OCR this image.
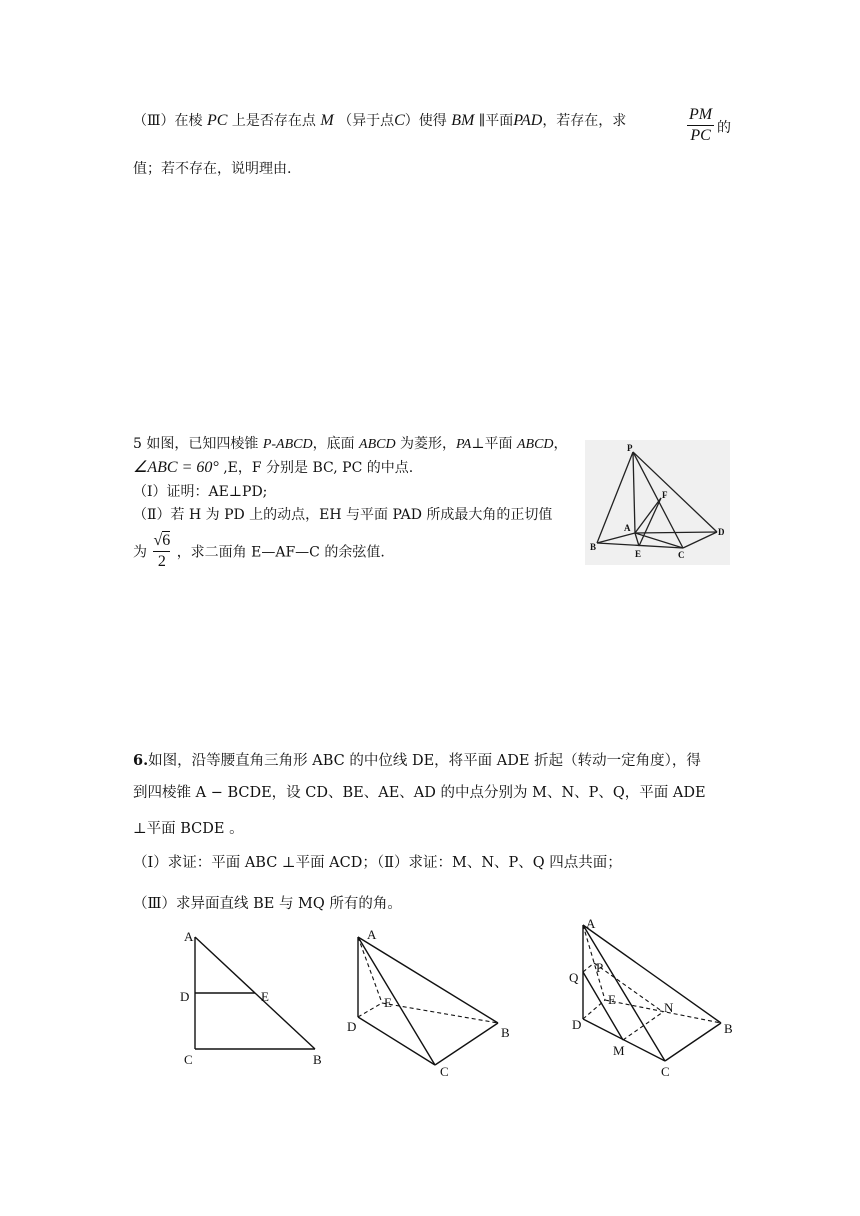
（Ⅲ）在棱 PC 上是否存在点 M （异于点C）使得 BM ∥平面PAD，若存在，求	$\frac{PM}{PC}$ 的
值；若不存在，说明理由.
5 如图，已知四棱锥 P-ABCD，底面 ABCD 为菱形，PA⊥平面 ABCD，
∠ABC = 60° ,E，F 分别是 BC, PC 的中点.
（Ⅰ）证明：AE⊥PD;
（Ⅱ）若 H 为 PD 上的动点，EH 与平面 PAD 所成最大角的正切值
为 $\frac{√6}{2}$ ，求二面角 E—AF—C 的余弦值.
P
F
A	D
B
E	C
6.如图，沿等腰直角三角形 ABC 的中位线 DE，将平面 ADE 折起（转动一定角度），得
到四棱锥 A − BCDE，设 CD、BE、AE、AD 的中点分别为 M、N、P、Q，平面 ADE
⊥平面 BCDE 。
（Ⅰ）求证：平面 ABC ⊥平面 ACD；（Ⅱ）求证：M、N、P、Q 四点共面；
（Ⅲ）求异面直线 BE 与 MQ 所有的角。
A
D	E
C	B
A
E
D	B
C
A
P
Q
E
N
D	B
M
C
